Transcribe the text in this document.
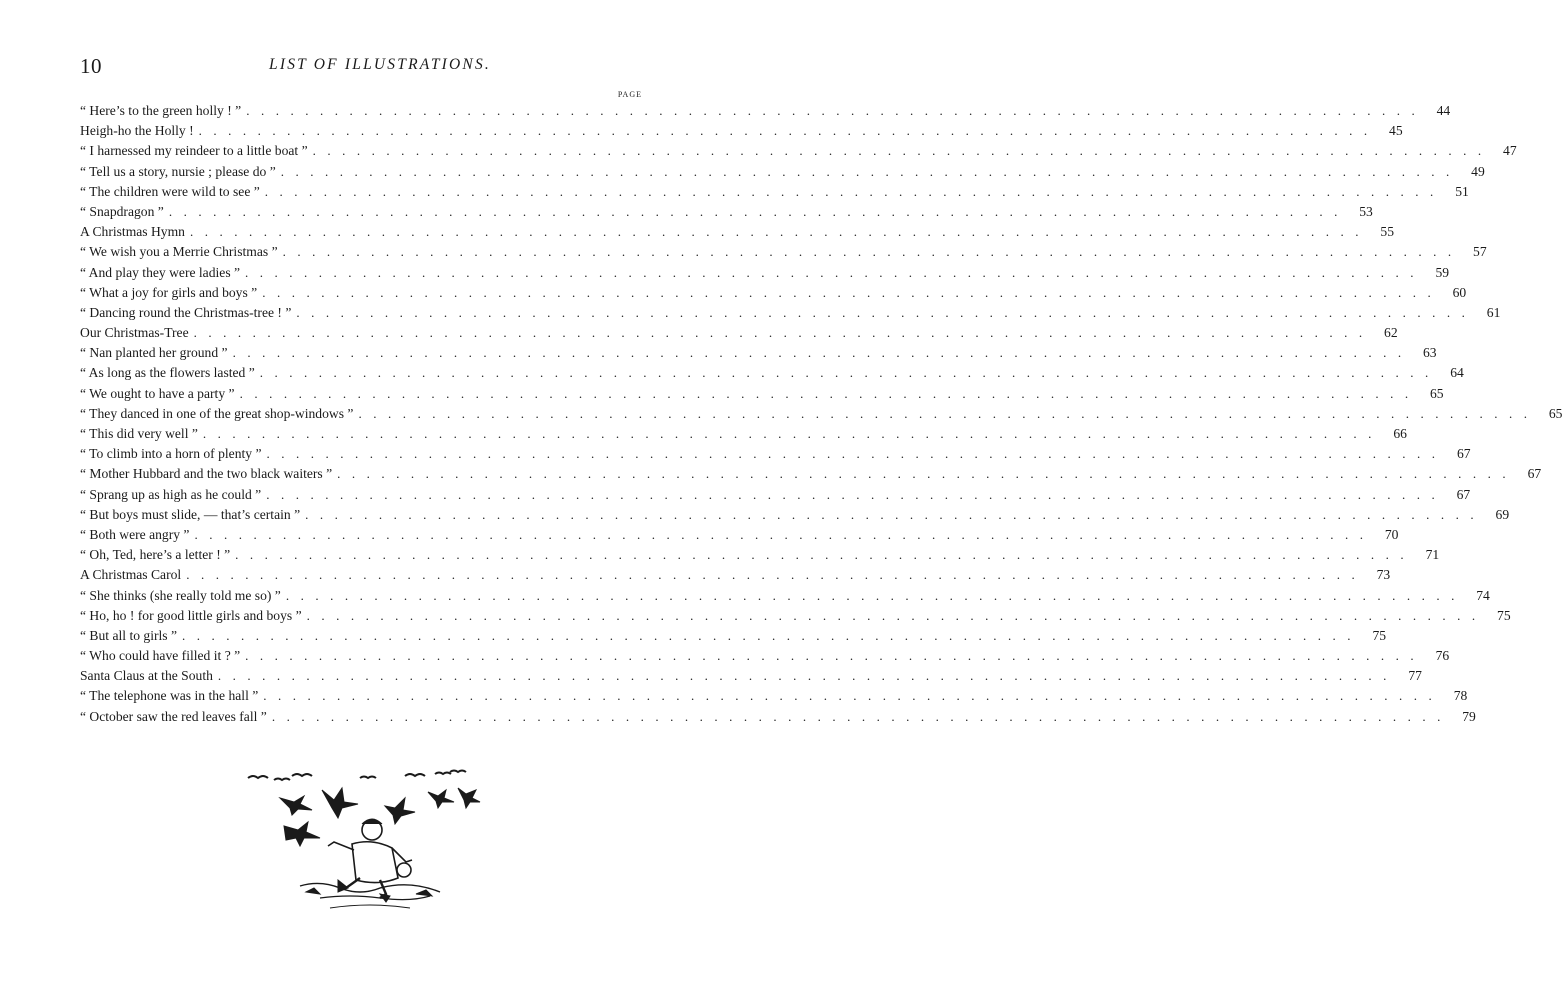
10	LIST OF ILLUSTRATIONS.
PAGE
“ Here’s to the green holly ! ” ................................................................................ 44
Heigh-ho the Holly ! ................................................................................ 45
“ I harnessed my reindeer to a little boat ” ................................................................................ 47
“ Tell us a story, nursie ; please do ” ................................................................................ 49
“ The children were wild to see ” ................................................................................ 51
“ Snapdragon ” ................................................................................ 53
A Christmas Hymn ................................................................................ 55
“ We wish you a Merrie Christmas ” ................................................................................ 57
“ And play they were ladies ” ................................................................................ 59
“ What a joy for girls and boys ” ................................................................................ 60
“ Dancing round the Christmas-tree ! ” ................................................................................ 61
Our Christmas-Tree ................................................................................ 62
“ Nan planted her ground ” ................................................................................ 63
“ As long as the flowers lasted ” ................................................................................ 64
“ We ought to have a party ” ................................................................................ 65
“ They danced in one of the great shop-windows ” ................................................................................ 65
“ This did very well ” ................................................................................ 66
“ To climb into a horn of plenty ” ................................................................................ 67
“ Mother Hubbard and the two black waiters ” ................................................................................ 67
“ Sprang up as high as he could ” ................................................................................ 67
“ But boys must slide, — that’s certain ” ................................................................................ 69
“ Both were angry ” ................................................................................ 70
“ Oh, Ted, here’s a letter ! ” ................................................................................ 71
A Christmas Carol ................................................................................ 73
“ She thinks (she really told me so) ” ................................................................................ 74
“ Ho, ho ! for good little girls and boys ” ................................................................................ 75
“ But all to girls ” ................................................................................ 75
“ Who could have filled it ? ” ................................................................................ 76
Santa Claus at the South ................................................................................ 77
“ The telephone was in the hall ” ................................................................................ 78
“ October saw the red leaves fall ” ................................................................................ 79
